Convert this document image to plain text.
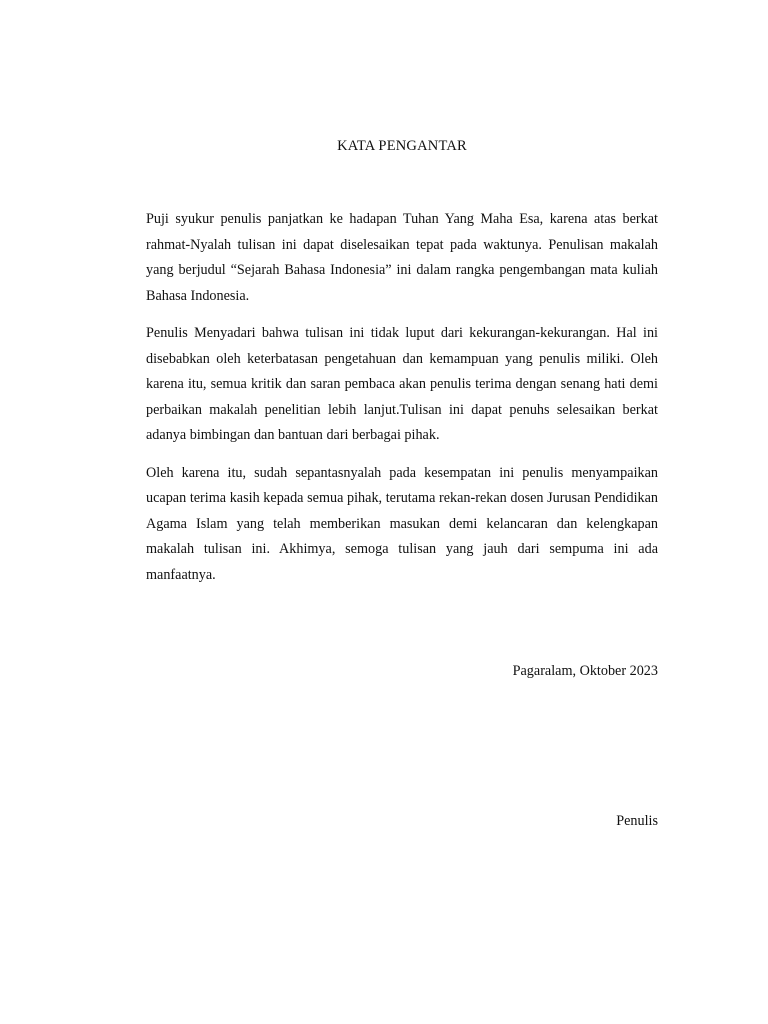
KATA PENGANTAR

Puji syukur penulis panjatkan ke hadapan Tuhan Yang Maha Esa, karena atas berkat rahmat-Nyalah tulisan ini dapat diselesaikan tepat pada waktunya. Penulisan makalah yang berjudul “Sejarah Bahasa Indonesia” ini dalam rangka pengembangan mata kuliah Bahasa Indonesia.

Penulis Menyadari bahwa tulisan ini tidak luput dari kekurangan-kekurangan. Hal ini disebabkan oleh keterbatasan pengetahuan dan kemampuan yang penulis miliki. Oleh karena itu, semua kritik dan saran pembaca akan penulis terima dengan senang hati demi perbaikan makalah penelitian lebih lanjut.Tulisan ini dapat penuhs selesaikan berkat adanya bimbingan dan bantuan dari berbagai pihak.

Oleh karena itu, sudah sepantasnyalah pada kesempatan ini penulis menyampaikan ucapan terima kasih kepada semua pihak, terutama rekan-rekan dosen Jurusan Pendidikan Agama Islam yang telah memberikan masukan demi kelancaran dan kelengkapan makalah tulisan ini. Akhimya, semoga tulisan yang jauh dari sempuma ini ada manfaatnya.

Pagaralam, Oktober 2023
Penulis
